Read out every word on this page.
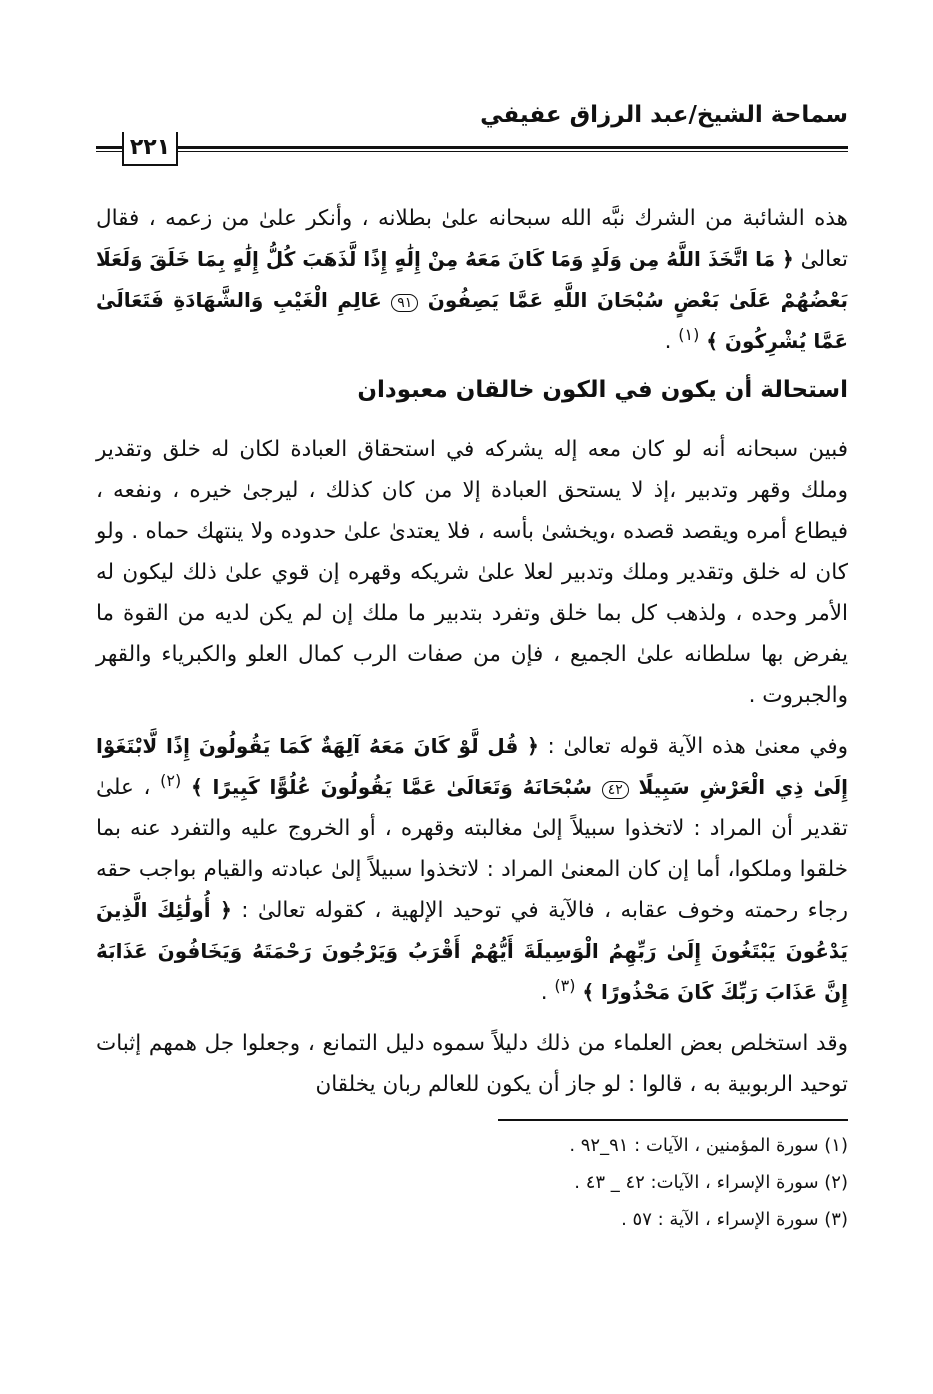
سماحة الشيخ/عبد الرزاق عفيفي
٢٢١

هذه الشائبة من الشرك نبَّه الله سبحانه علىٰ بطلانه ، وأنكر علىٰ من زعمه ، فقال تعالىٰ ﴿ مَا اتَّخَذَ اللَّهُ مِن وَلَدٍ وَمَا كَانَ مَعَهُ مِنْ إِلَٰهٍ إِذًا لَّذَهَبَ كُلُّ إِلَٰهٍ بِمَا خَلَقَ وَلَعَلَا بَعْضُهُمْ عَلَىٰ بَعْضٍ سُبْحَانَ اللَّهِ عَمَّا يَصِفُونَ ٩١ عَالِمِ الْغَيْبِ وَالشَّهَادَةِ فَتَعَالَىٰ عَمَّا يُشْرِكُونَ ﴾ $^{(١)}$ .

استحالة أن يكون في الكون خالقان معبودان

فبين سبحانه أنه لو كان معه إله يشركه في استحقاق العبادة لكان له خلق وتقدير وملك وقهر وتدبير ،إذ لا يستحق العبادة إلا من كان كذلك ، ليرجىٰ خيره ، ونفعه ، فيطاع أمره ويقصد قصده ،ويخشىٰ بأسه ، فلا يعتدىٰ علىٰ حدوده ولا ينتهك حماه . ولو كان له خلق وتقدير وملك وتدبير لعلا علىٰ شريكه وقهره إن قوي علىٰ ذلك ليكون له الأمر وحده ، ولذهب كل بما خلق وتفرد بتدبير ما ملك إن لم يكن لديه من القوة ما يفرض بها سلطانه علىٰ الجميع ، فإن من صفات الرب كمال العلو والكبرياء والقهر والجبروت .

وفي معنىٰ هذه الآية قوله تعالىٰ : ﴿ قُل لَّوْ كَانَ مَعَهُ آلِهَةٌ كَمَا يَقُولُونَ إِذًا لَّابْتَغَوْا إِلَىٰ ذِي الْعَرْشِ سَبِيلًا ٤٢ سُبْحَانَهُ وَتَعَالَىٰ عَمَّا يَقُولُونَ عُلُوًّا كَبِيرًا ﴾ $^{(٢)}$ ، علىٰ تقدير أن المراد : لاتخذوا سبيلاً إلىٰ مغالبته وقهره ، أو الخروج عليه والتفرد عنه بما خلقوا وملكوا، أما إن كان المعنىٰ المراد : لاتخذوا سبيلاً إلىٰ عبادته والقيام بواجب حقه رجاء رحمته وخوف عقابه ، فالآية في توحيد الإلهية ، كقوله تعالىٰ : ﴿ أُولَٰئِكَ الَّذِينَ يَدْعُونَ يَبْتَغُونَ إِلَىٰ رَبِّهِمُ الْوَسِيلَةَ أَيُّهُمْ أَقْرَبُ وَيَرْجُونَ رَحْمَتَهُ وَيَخَافُونَ عَذَابَهُ إِنَّ عَذَابَ رَبِّكَ كَانَ مَحْذُورًا ﴾ $^{(٣)}$ .

وقد استخلص بعض العلماء من ذلك دليلاً سموه دليل التمانع ، وجعلوا جل همهم إثبات توحيد الربوبية به ، قالوا : لو جاز أن يكون للعالم ربان يخلقان

(١) سورة المؤمنين ، الآيات : ٩١_٩٢ .

(٢) سورة الإسراء ، الآيات: ٤٢ _ ٤٣ .

(٣) سورة الإسراء ، الآية : ٥٧ .
